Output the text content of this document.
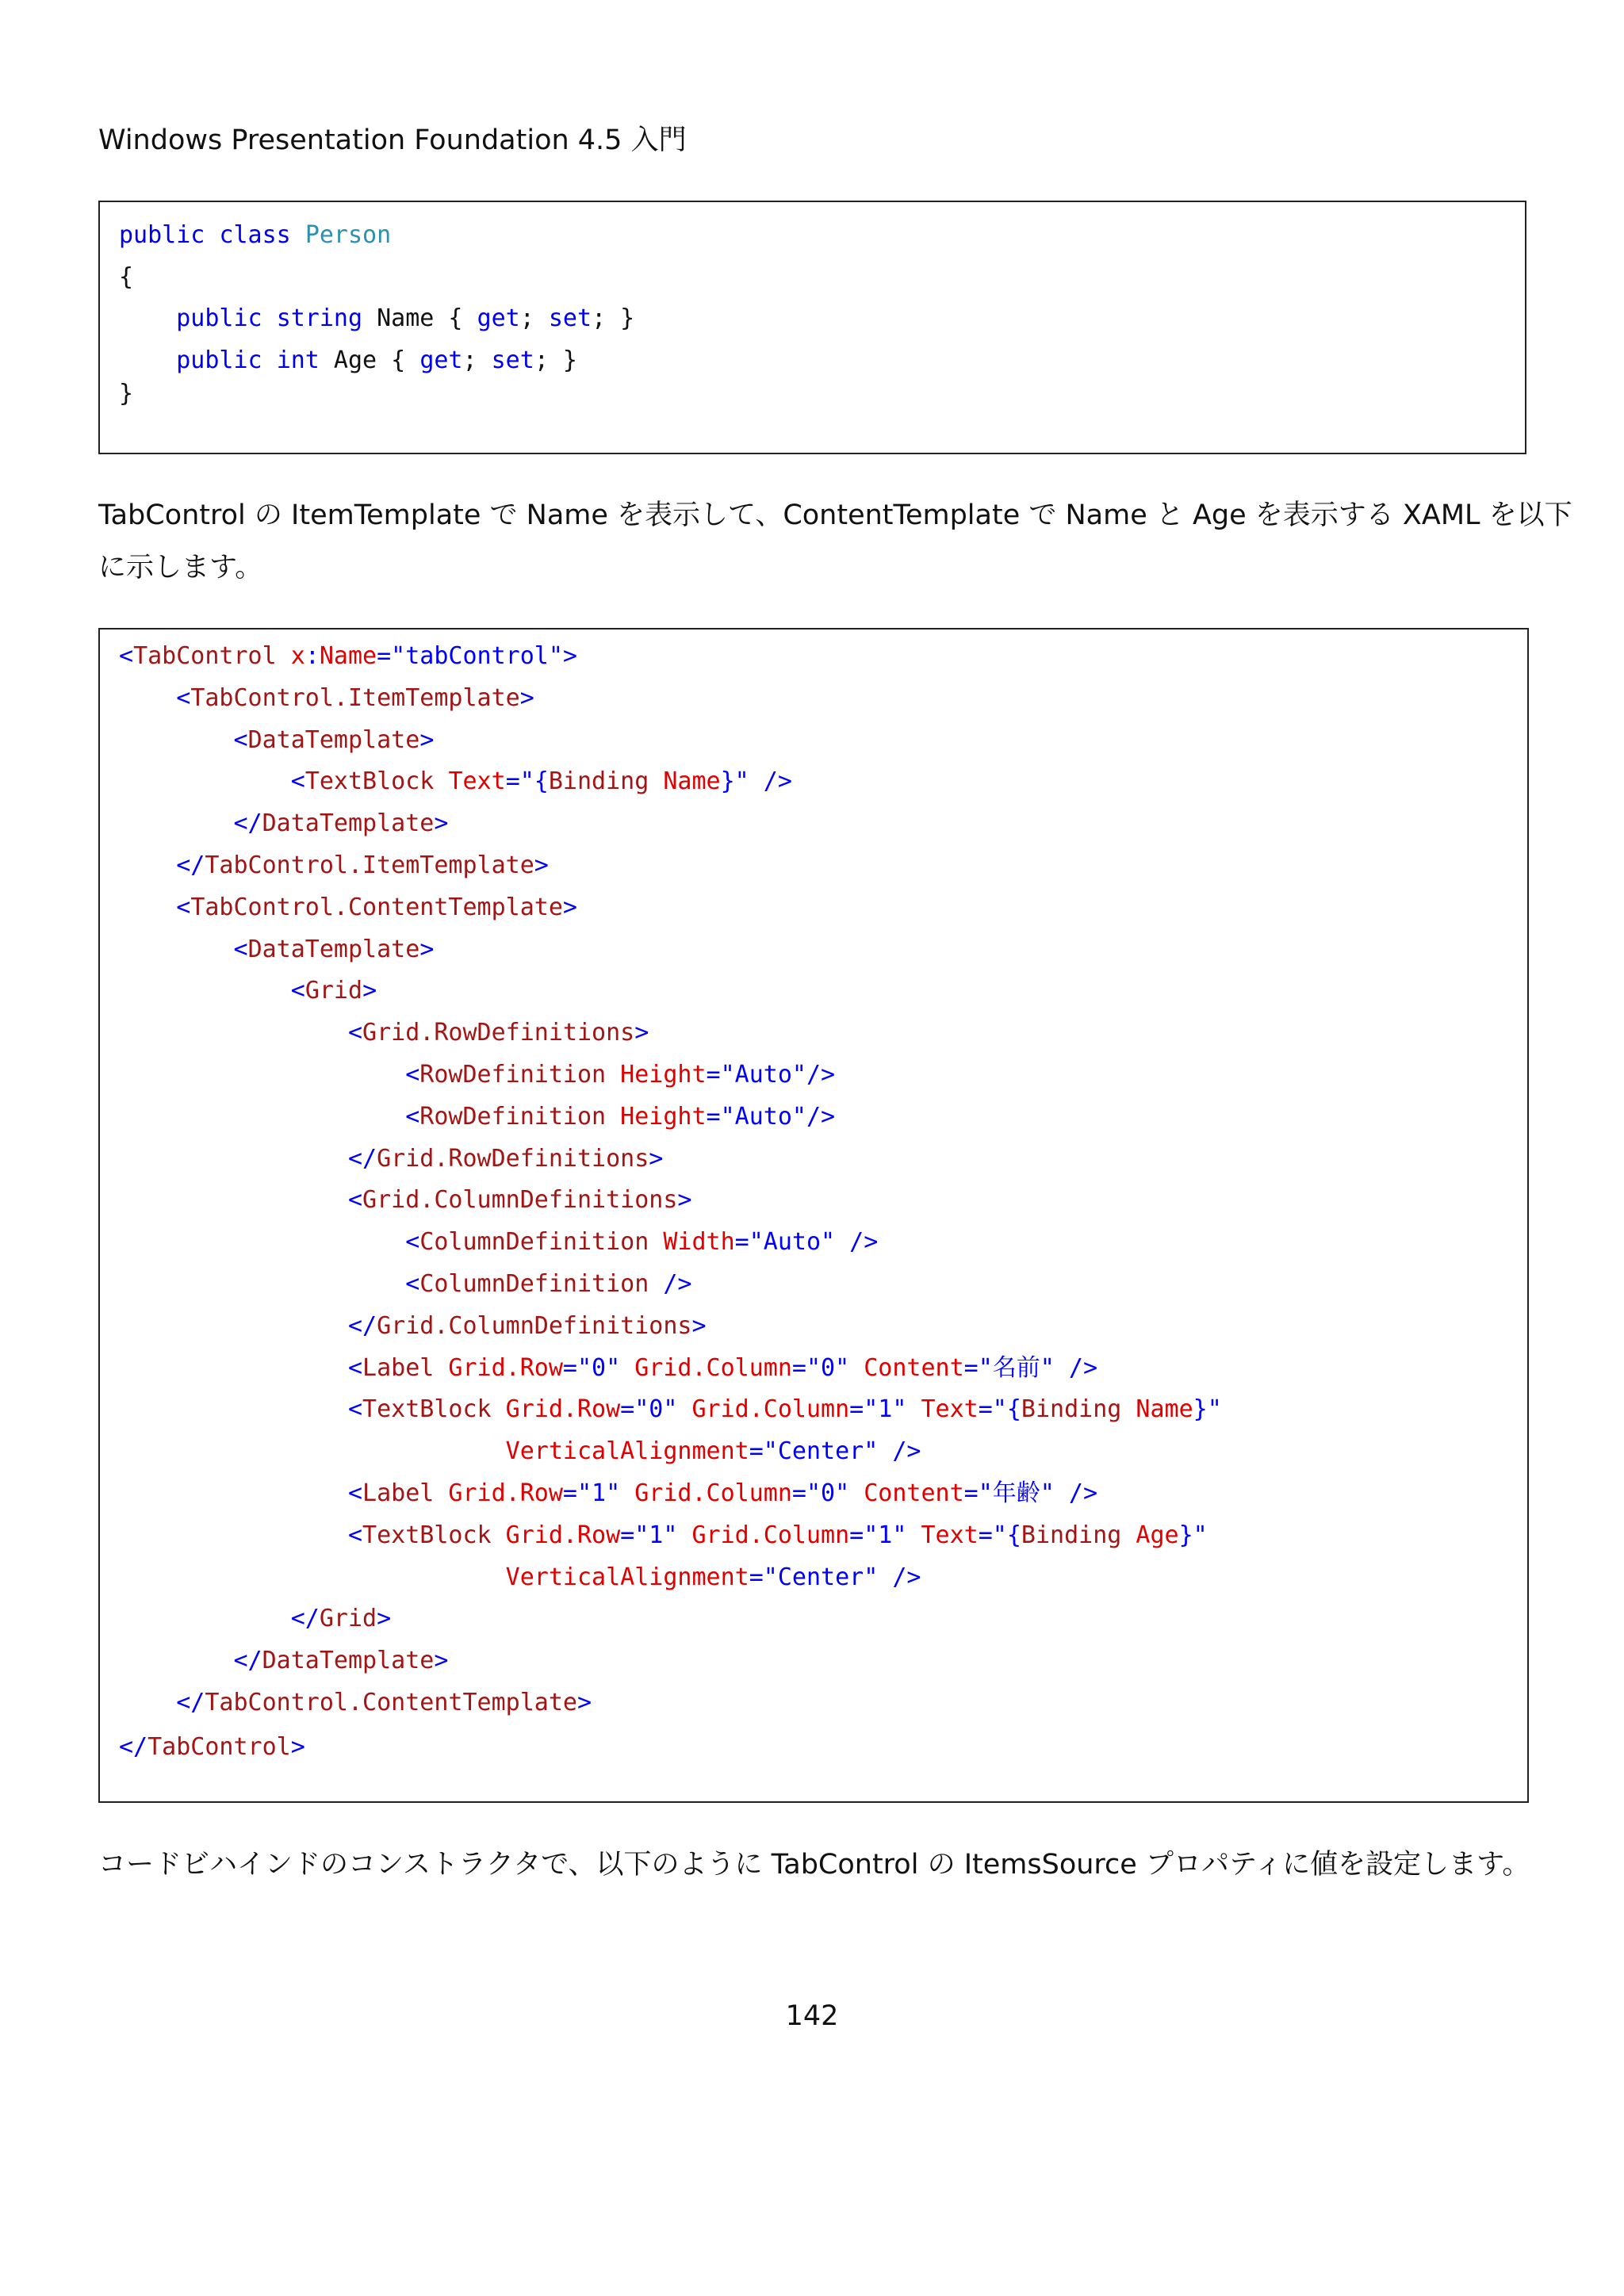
Windows Presentation Foundation 4.5 入門
public class Person
{
public string Name { get; set; }
public int Age { get; set; }
}
TabControl の ItemTemplate で Name を表示して、ContentTemplate で Name と Age を表示する XAML を以下
に示します。
<TabControl x:Name="tabControl">
<TabControl.ItemTemplate>
<DataTemplate>
<TextBlock Text="{Binding Name}" />
</DataTemplate>
</TabControl.ItemTemplate>
<TabControl.ContentTemplate>
<DataTemplate>
<Grid>
<Grid.RowDefinitions>
<RowDefinition Height="Auto"/>
<RowDefinition Height="Auto"/>
</Grid.RowDefinitions>
<Grid.ColumnDefinitions>
<ColumnDefinition Width="Auto" />
<ColumnDefinition />
</Grid.ColumnDefinitions>
<Label Grid.Row="0" Grid.Column="0" Content="名前" />
<TextBlock Grid.Row="0" Grid.Column="1" Text="{Binding Name}"
VerticalAlignment="Center" />
<Label Grid.Row="1" Grid.Column="0" Content="年齢" />
<TextBlock Grid.Row="1" Grid.Column="1" Text="{Binding Age}"
VerticalAlignment="Center" />
</Grid>
</DataTemplate>
</TabControl.ContentTemplate>
</TabControl>
コードビハインドのコンストラクタで、以下のように TabControl の ItemsSource プロパティに値を設定します。
142
